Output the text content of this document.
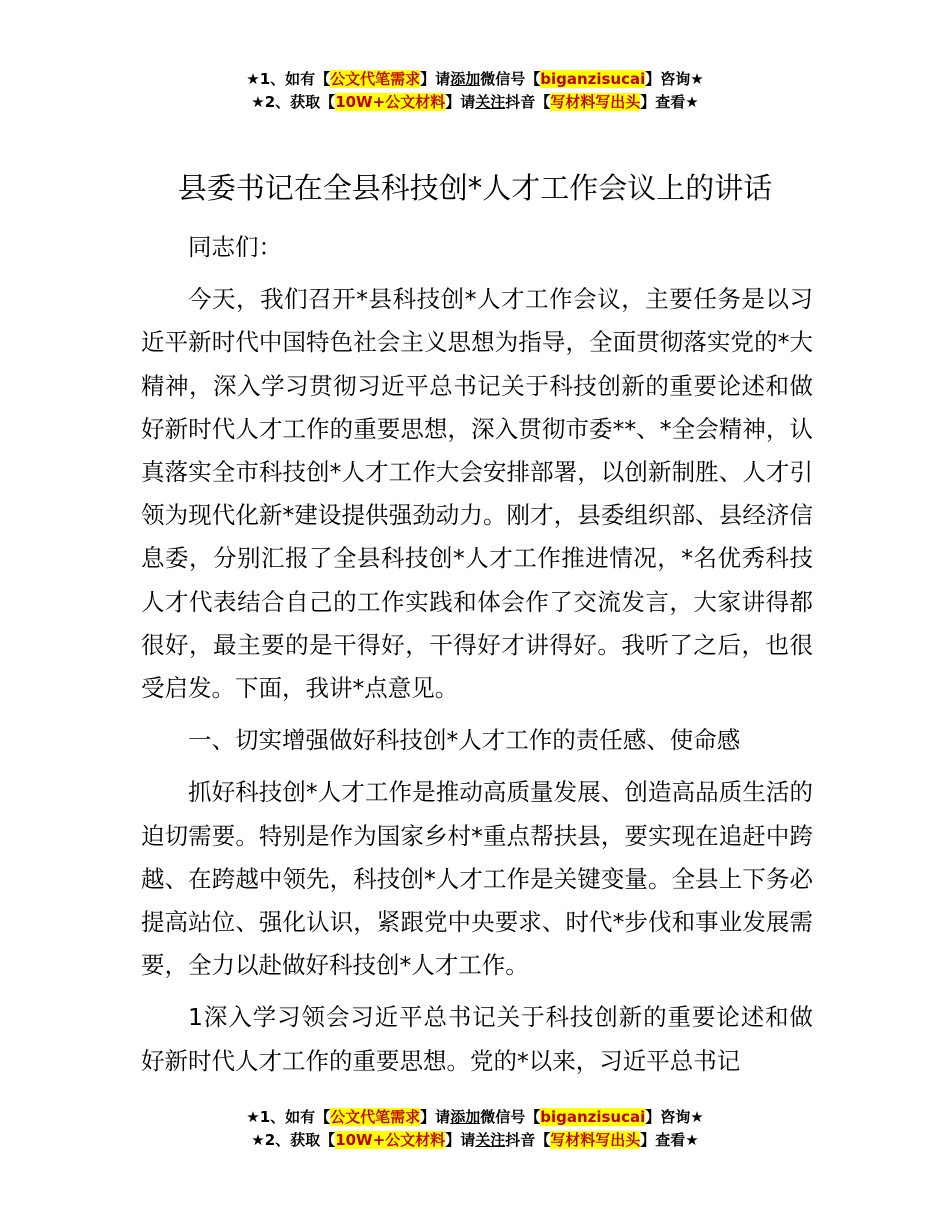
★1、如有【公文代笔需求】请添加微信号【biganzisucai】咨询★
★2、获取【10W+公文材料】请关注抖音【写材料写出头】查看★
县委书记在全县科技创*人才工作会议上的讲话

同志们：

今天，我们召开*县科技创*人才工作会议，主要任务是以习近平新时代中国特色社会主义思想为指导，全面贯彻落实党的*大精神，深入学习贯彻习近平总书记关于科技创新的重要论述和做好新时代人才工作的重要思想，深入贯彻市委**、*全会精神，认真落实全市科技创*人才工作大会安排部署，以创新制胜、人才引领为现代化新*建设提供强劲动力。刚才，县委组织部、县经济信息委，分别汇报了全县科技创*人才工作推进情况，*名优秀科技人才代表结合自己的工作实践和体会作了交流发言，大家讲得都很好，最主要的是干得好，干得好才讲得好。我听了之后，也很受启发。下面，我讲*点意见。

一、切实增强做好科技创*人才工作的责任感、使命感

抓好科技创*人才工作是推动高质量发展、创造高品质生活的迫切需要。特别是作为国家乡村*重点帮扶县，要实现在追赶中跨越、在跨越中领先，科技创*人才工作是关键变量。全县上下务必提高站位、强化认识，紧跟党中央要求、时代*步伐和事业发展需要，全力以赴做好科技创*人才工作。

1深入学习领会习近平总书记关于科技创新的重要论述和做好新时代人才工作的重要思想。党的*以来，习近平总书记

★1、如有【公文代笔需求】请添加微信号【biganzisucai】咨询★
★2、获取【10W+公文材料】请关注抖音【写材料写出头】查看★
